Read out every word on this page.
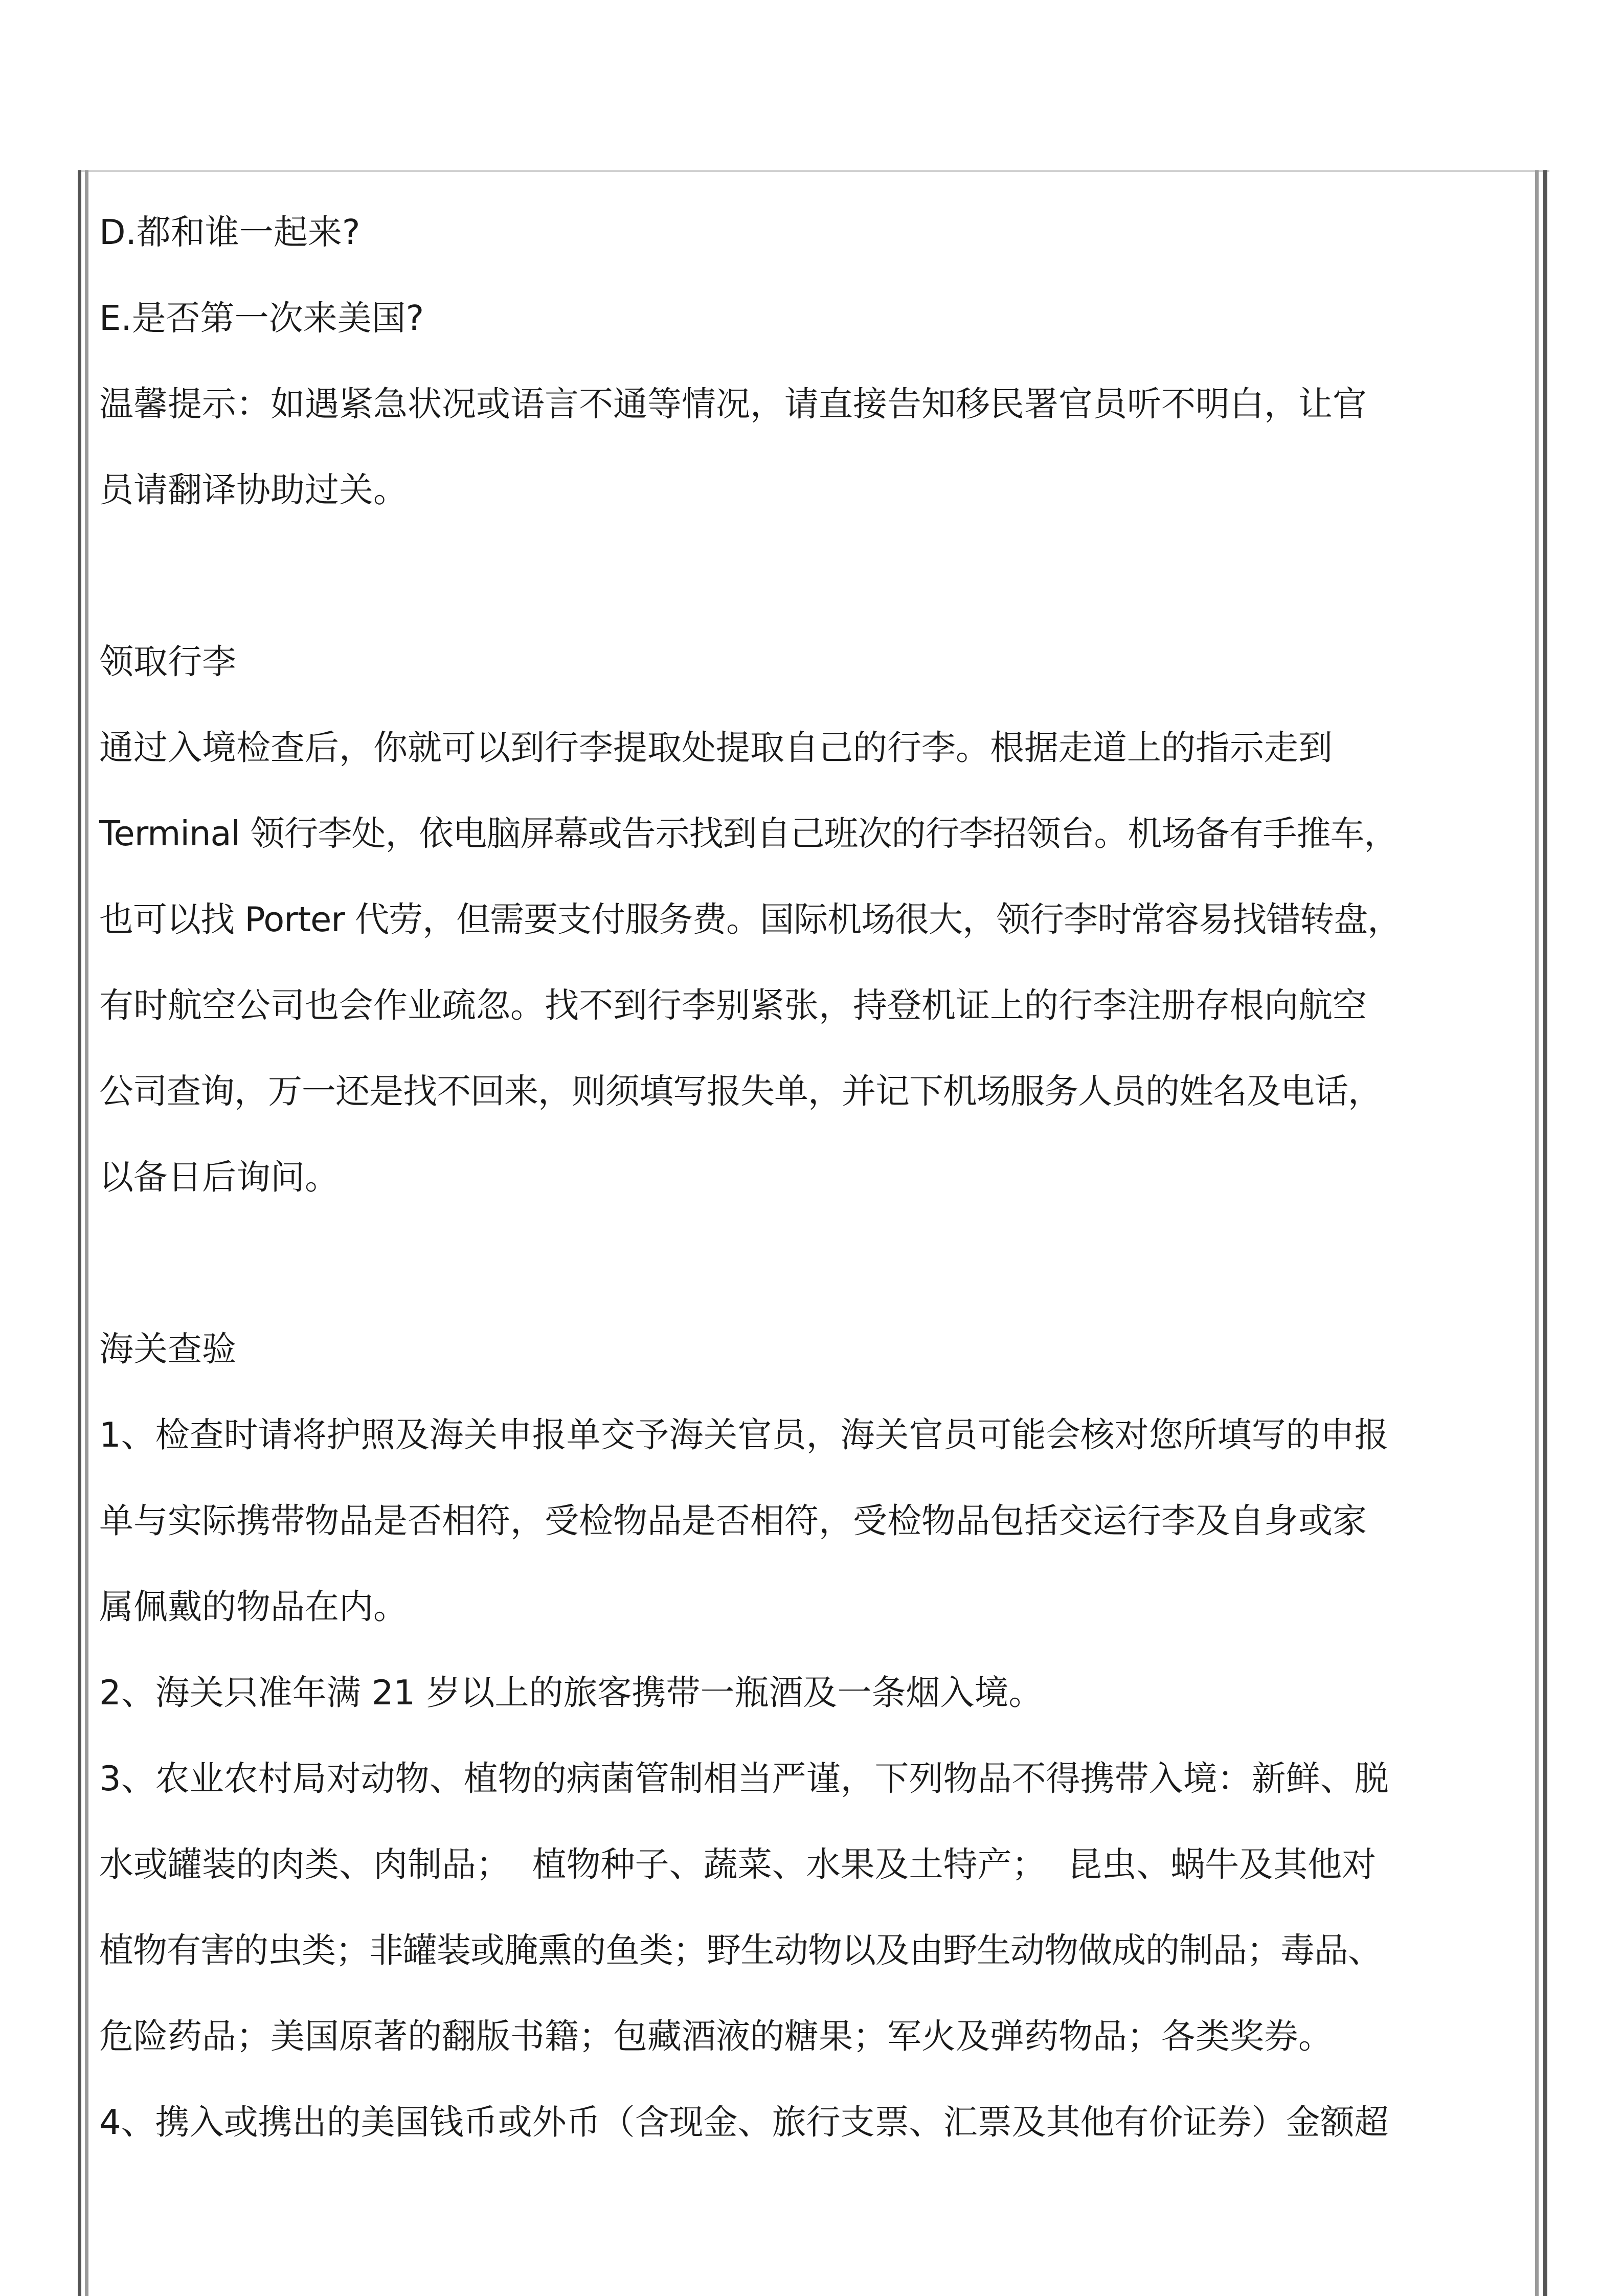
D.都和谁一起来?
E.是否第一次来美国?
温馨提示：如遇紧急状况或语言不通等情况，请直接告知移民署官员听不明白，让官
员请翻译协助过关。
领取行李
通过入境检查后，你就可以到行李提取处提取自己的行李。根据走道上的指示走到
Terminal 领行李处，依电脑屏幕或告示找到自己班次的行李招领台。机场备有手推车，
也可以找 Porter 代劳，但需要支付服务费。国际机场很大，领行李时常容易找错转盘，
有时航空公司也会作业疏忽。找不到行李别紧张，持登机证上的行李注册存根向航空
公司查询，万一还是找不回来，则须填写报失单，并记下机场服务人员的姓名及电话，
以备日后询问。
海关查验
1、检查时请将护照及海关申报单交予海关官员，海关官员可能会核对您所填写的申报
单与实际携带物品是否相符，受检物品是否相符，受检物品包括交运行李及自身或家
属佩戴的物品在内。
2、海关只准年满 21 岁以上的旅客携带一瓶酒及一条烟入境。
3、农业农村局对动物、植物的病菌管制相当严谨，下列物品不得携带入境：新鲜、脱
水或罐装的肉类、肉制品；  植物种子、蔬菜、水果及土特产；  昆虫、蜗牛及其他对
植物有害的虫类；非罐装或腌熏的鱼类；野生动物以及由野生动物做成的制品；毒品、
危险药品；美国原著的翻版书籍；包藏酒液的糖果；军火及弹药物品；各类奖券。
4、携入或携出的美国钱币或外币（含现金、旅行支票、汇票及其他有价证券）金额超
